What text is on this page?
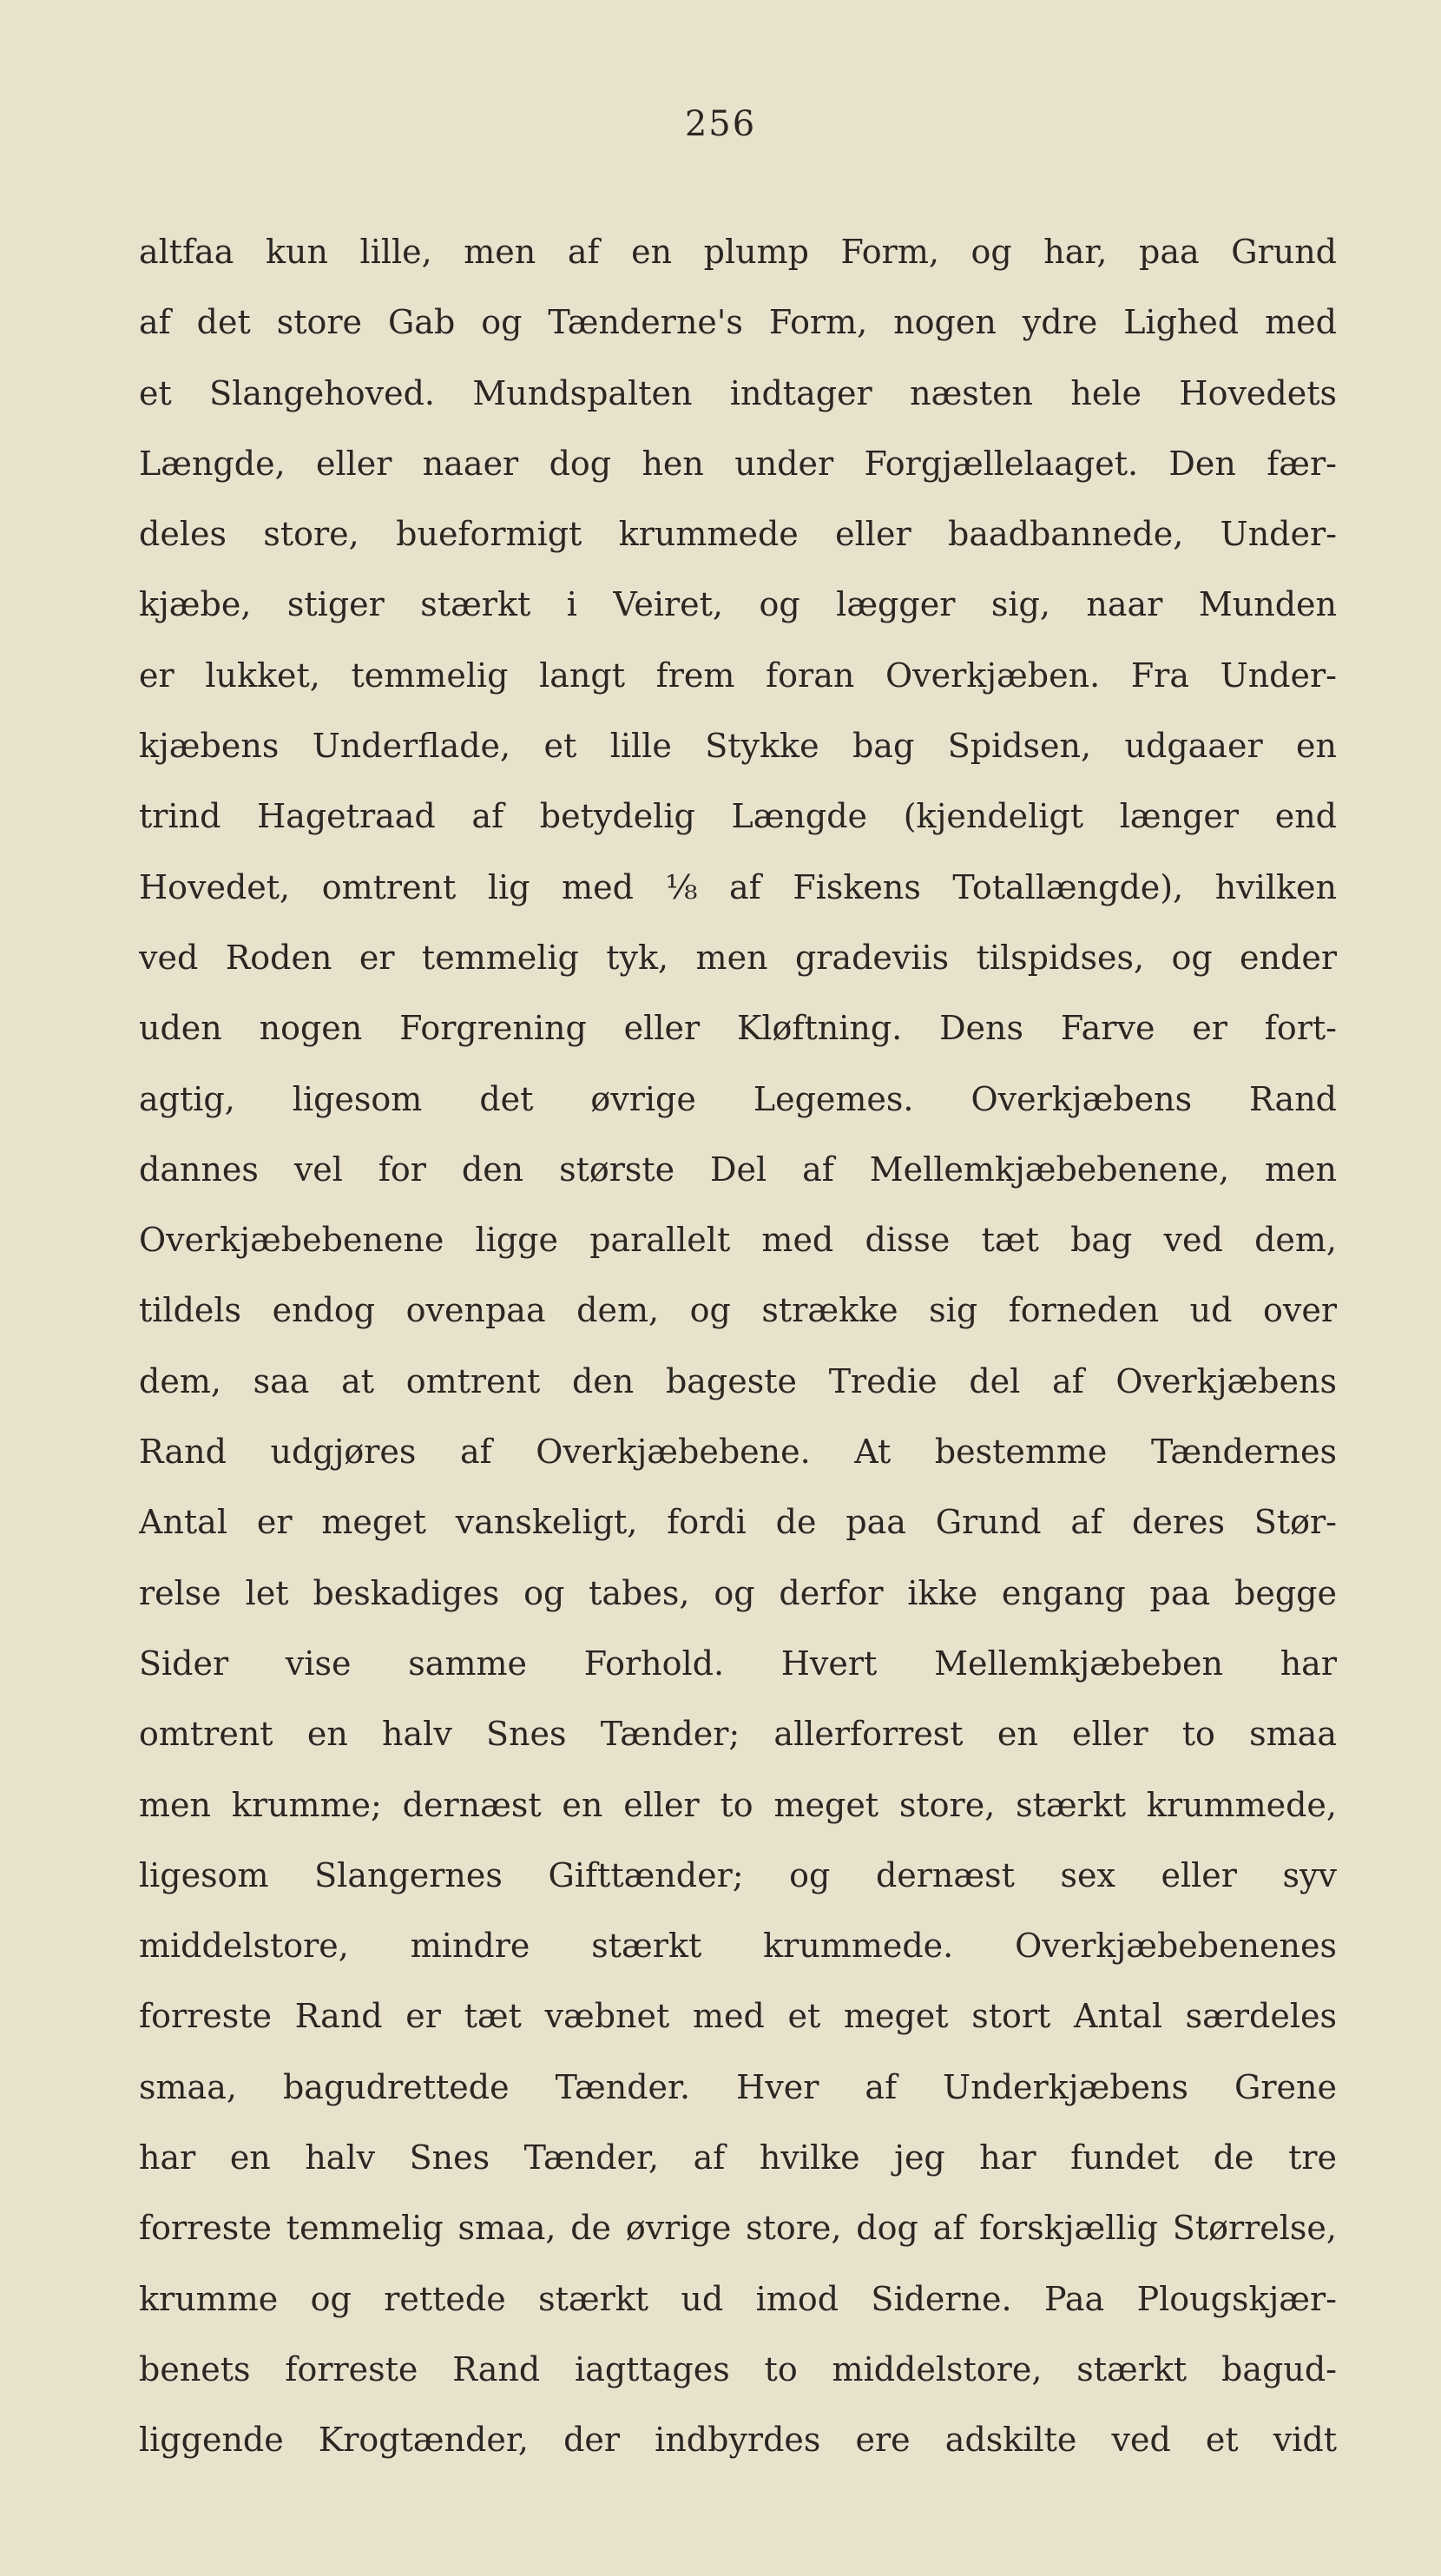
256
altfaa kun lille, men af en plump Form, og har, paa Grund
af det store Gab og Tænderne's Form, nogen ydre Lighed med
et Slangehoved. Mundspalten indtager næsten hele Hovedets
Længde, eller naaer dog hen under Forgjællelaaget. Den fær-
deles store, bueformigt krummede eller baadbannede, Under-
kjæbe, stiger stærkt i Veiret, og lægger sig, naar Munden
er lukket, temmelig langt frem foran Overkjæben. Fra Under-
kjæbens Underflade, et lille Stykke bag Spidsen, udgaaer en
trind Hagetraad af betydelig Længde (kjendeligt længer end
Hovedet, omtrent lig med ⅛ af Fiskens Totallængde), hvilken
ved Roden er temmelig tyk, men gradeviis tilspidses, og ender
uden nogen Forgrening eller Kløftning. Dens Farve er fort-
agtig, ligesom det øvrige Legemes. Overkjæbens Rand
dannes vel for den største Del af Mellemkjæbebenene, men
Overkjæbebenene ligge parallelt med disse tæt bag ved dem,
tildels endog ovenpaa dem, og strække sig forneden ud over
dem, saa at omtrent den bageste Tredie del af Overkjæbens
Rand udgjøres af Overkjæbebene. At bestemme Tændernes
Antal er meget vanskeligt, fordi de paa Grund af deres Stør-
relse let beskadiges og tabes, og derfor ikke engang paa begge
Sider vise samme Forhold. Hvert Mellemkjæbeben har
omtrent en halv Snes Tænder; allerforrest en eller to smaa
men krumme; dernæst en eller to meget store, stærkt krummede,
ligesom Slangernes Gifttænder; og dernæst sex eller syv
middelstore, mindre stærkt krummede. Overkjæbebenenes
forreste Rand er tæt væbnet med et meget stort Antal særdeles
smaa, bagudrettede Tænder. Hver af Underkjæbens Grene
har en halv Snes Tænder, af hvilke jeg har fundet de tre
forreste temmelig smaa, de øvrige store, dog af forskjællig Størrelse,
krumme og rettede stærkt ud imod Siderne. Paa Plougskjær-
benets forreste Rand iagttages to middelstore, stærkt bagud-
liggende Krogtænder, der indbyrdes ere adskilte ved et vidt
